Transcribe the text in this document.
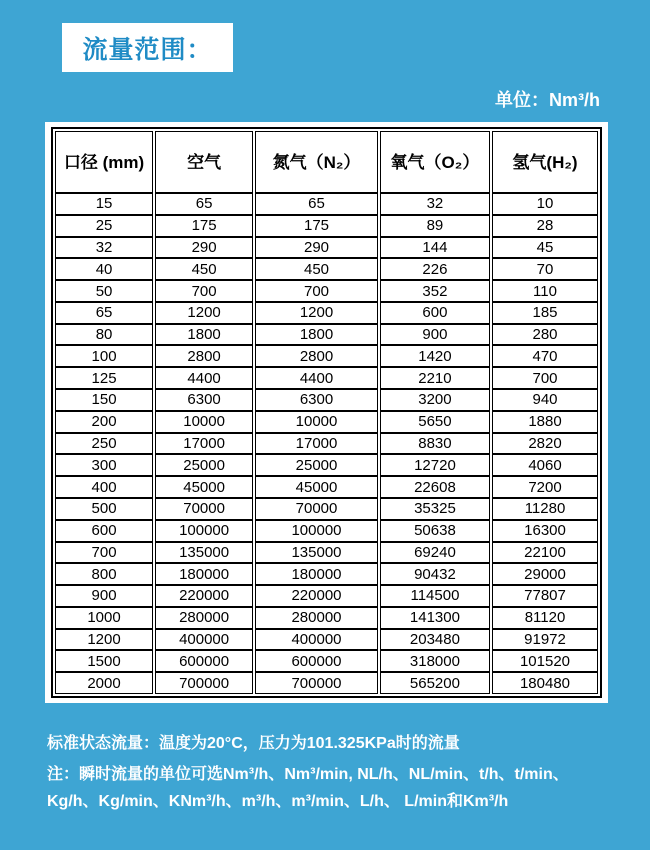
流量范围：
单位：Nm³/h
口径 (mm)	空气	氮气（N₂）	氧气（O₂）	氢气(H₂)
15	65	65	32	10
25	175	175	89	28
32	290	290	144	45
40	450	450	226	70
50	700	700	352	110
65	1200	1200	600	185
80	1800	1800	900	280
100	2800	2800	1420	470
125	4400	4400	2210	700
150	6300	6300	3200	940
200	10000	10000	5650	1880
250	17000	17000	8830	2820
300	25000	25000	12720	4060
400	45000	45000	22608	7200
500	70000	70000	35325	11280
600	100000	100000	50638	16300
700	135000	135000	69240	22100
800	180000	180000	90432	29000
900	220000	220000	114500	77807
1000	280000	280000	141300	81120
1200	400000	400000	203480	91972
1500	600000	600000	318000	101520
2000	700000	700000	565200	180480
标准状态流量：温度为20°C，压力为101.325KPa时的流量
注：瞬时流量的单位可选Nm³/h、Nm³/min, NL/h、NL/min、t/h、t/min、
Kg/h、Kg/min、KNm³/h、m³/h、m³/min、L/h、 L/min和Km³/h
